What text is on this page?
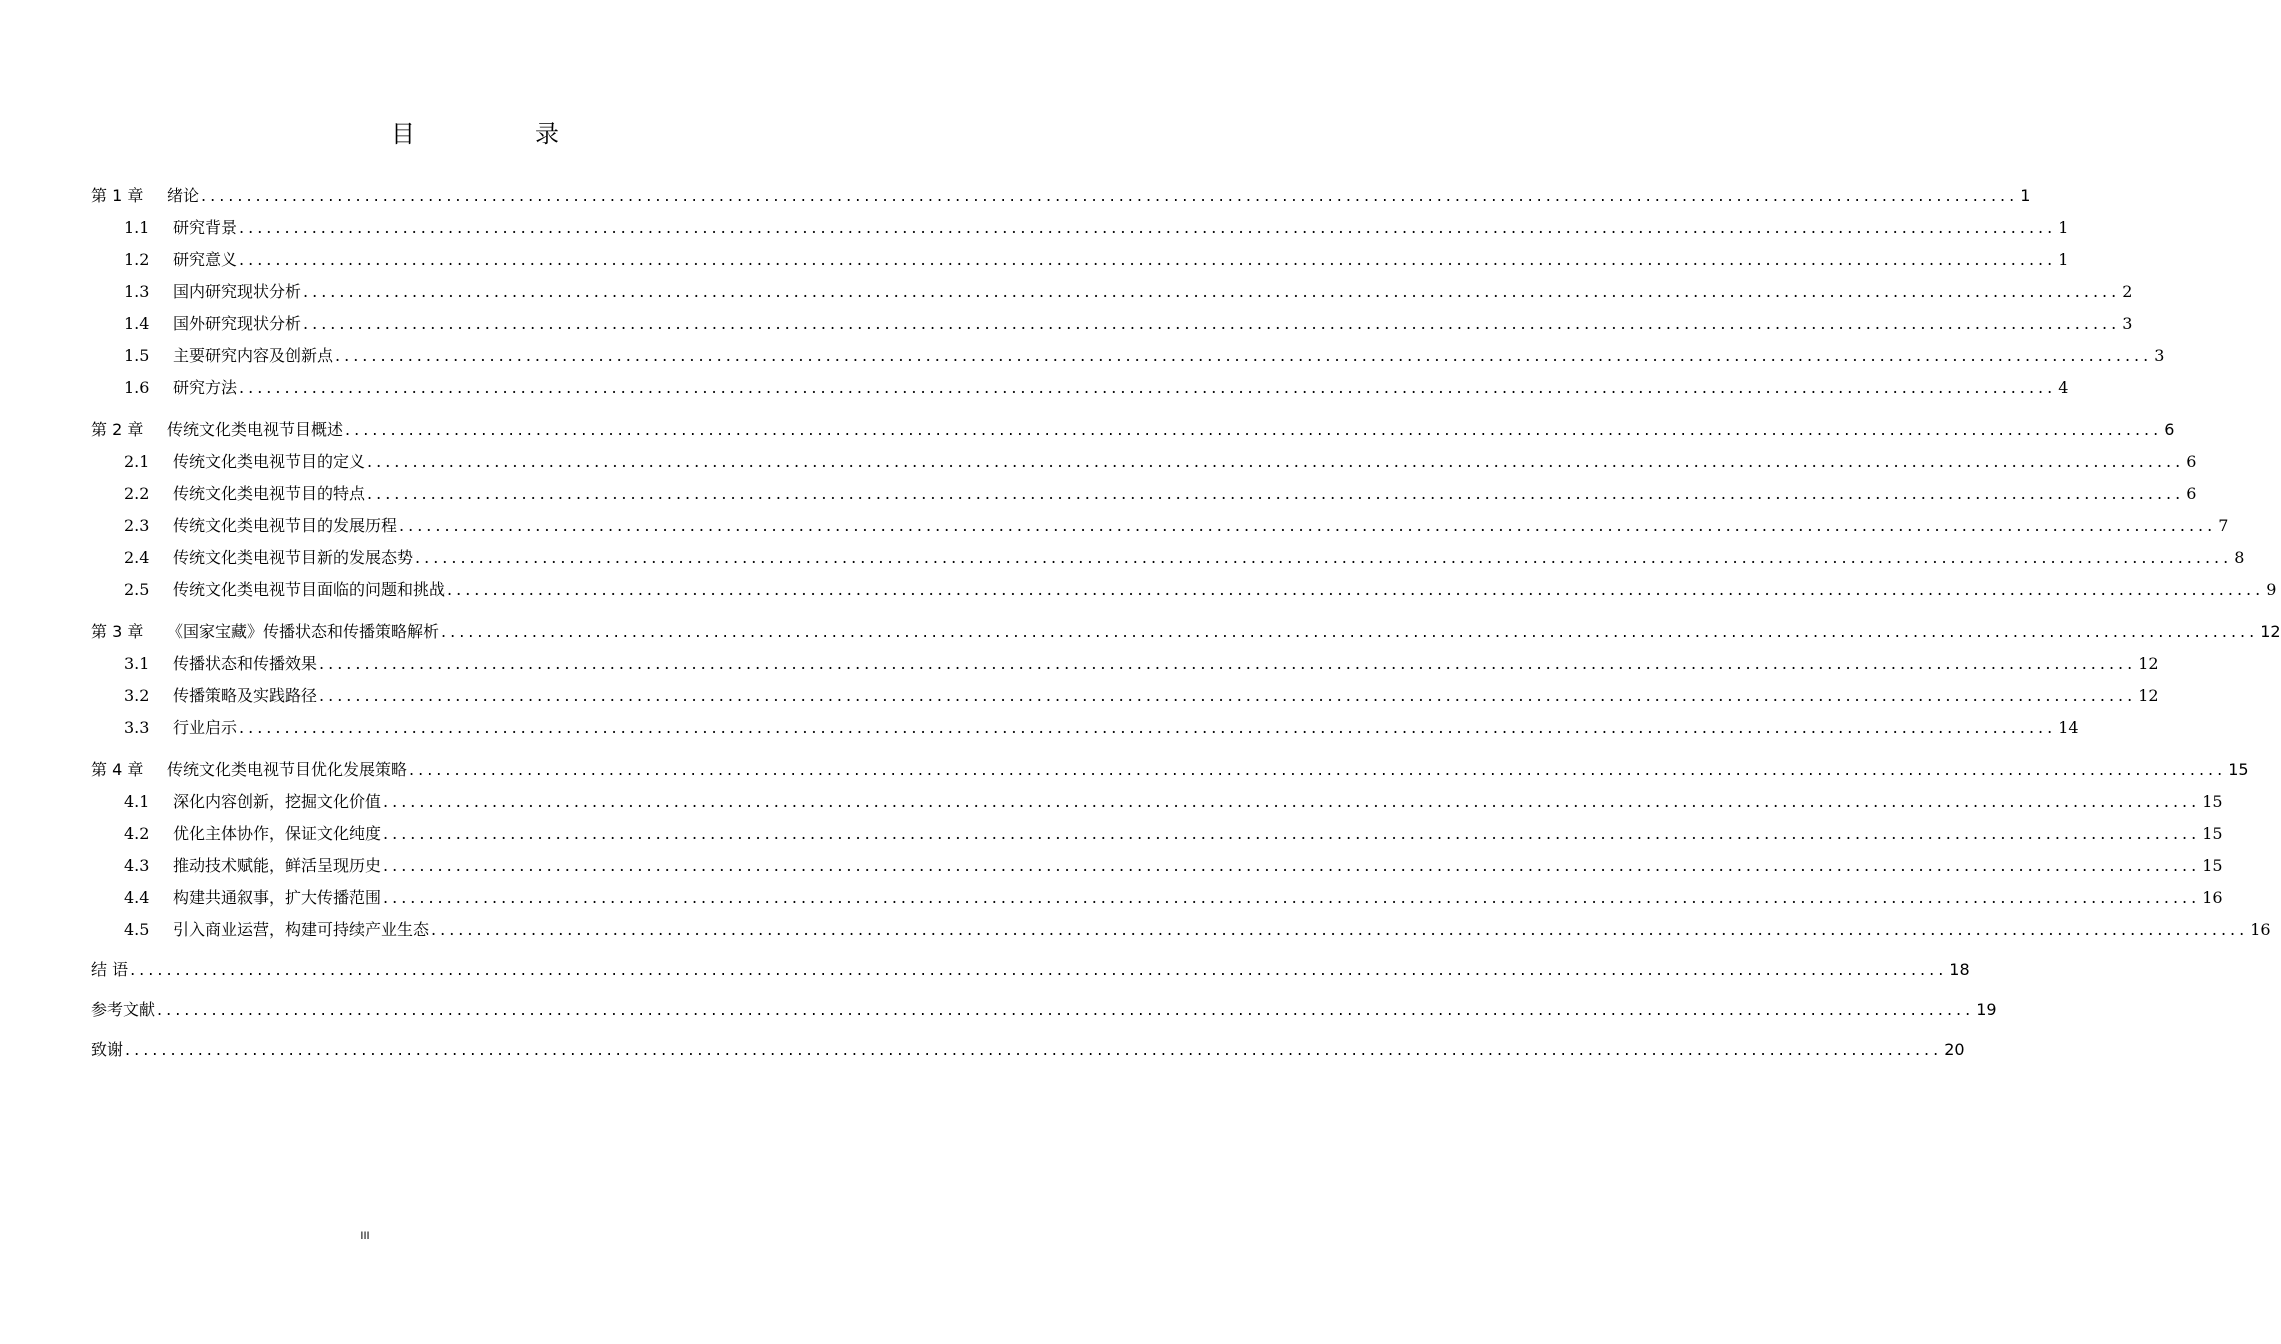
目　录
第 1 章 绪论 ........................................................................................................................................................................................................ 1
1.1 研究背景 ........................................................................................................................................................................................................ 1
1.2 研究意义 ........................................................................................................................................................................................................ 1
1.3 国内研究现状分析 ........................................................................................................................................................................................................ 2
1.4 国外研究现状分析 ........................................................................................................................................................................................................ 3
1.5 主要研究内容及创新点 ........................................................................................................................................................................................................ 3
1.6 研究方法 ........................................................................................................................................................................................................ 4
第 2 章 传统文化类电视节目概述 ........................................................................................................................................................................................................ 6
2.1 传统文化类电视节目的定义 ........................................................................................................................................................................................................ 6
2.2 传统文化类电视节目的特点 ........................................................................................................................................................................................................ 6
2.3 传统文化类电视节目的发展历程 ........................................................................................................................................................................................................ 7
2.4 传统文化类电视节目新的发展态势 ........................................................................................................................................................................................................ 8
2.5 传统文化类电视节目面临的问题和挑战 ........................................................................................................................................................................................................ 9
第 3 章 《国家宝藏》传播状态和传播策略解析 ........................................................................................................................................................................................................ 12
3.1 传播状态和传播效果 ........................................................................................................................................................................................................ 12
3.2 传播策略及实践路径 ........................................................................................................................................................................................................ 12
3.3 行业启示 ........................................................................................................................................................................................................ 14
第 4 章 传统文化类电视节目优化发展策略 ........................................................................................................................................................................................................ 15
4.1 深化内容创新，挖掘文化价值 ........................................................................................................................................................................................................ 15
4.2 优化主体协作，保证文化纯度 ........................................................................................................................................................................................................ 15
4.3 推动技术赋能，鲜活呈现历史 ........................................................................................................................................................................................................ 15
4.4 构建共通叙事，扩大传播范围 ........................................................................................................................................................................................................ 16
4.5 引入商业运营，构建可持续产业生态 ........................................................................................................................................................................................................ 16
结 语 ........................................................................................................................................................................................................ 18
参考文献 ........................................................................................................................................................................................................ 19
致谢 ........................................................................................................................................................................................................ 20
III
